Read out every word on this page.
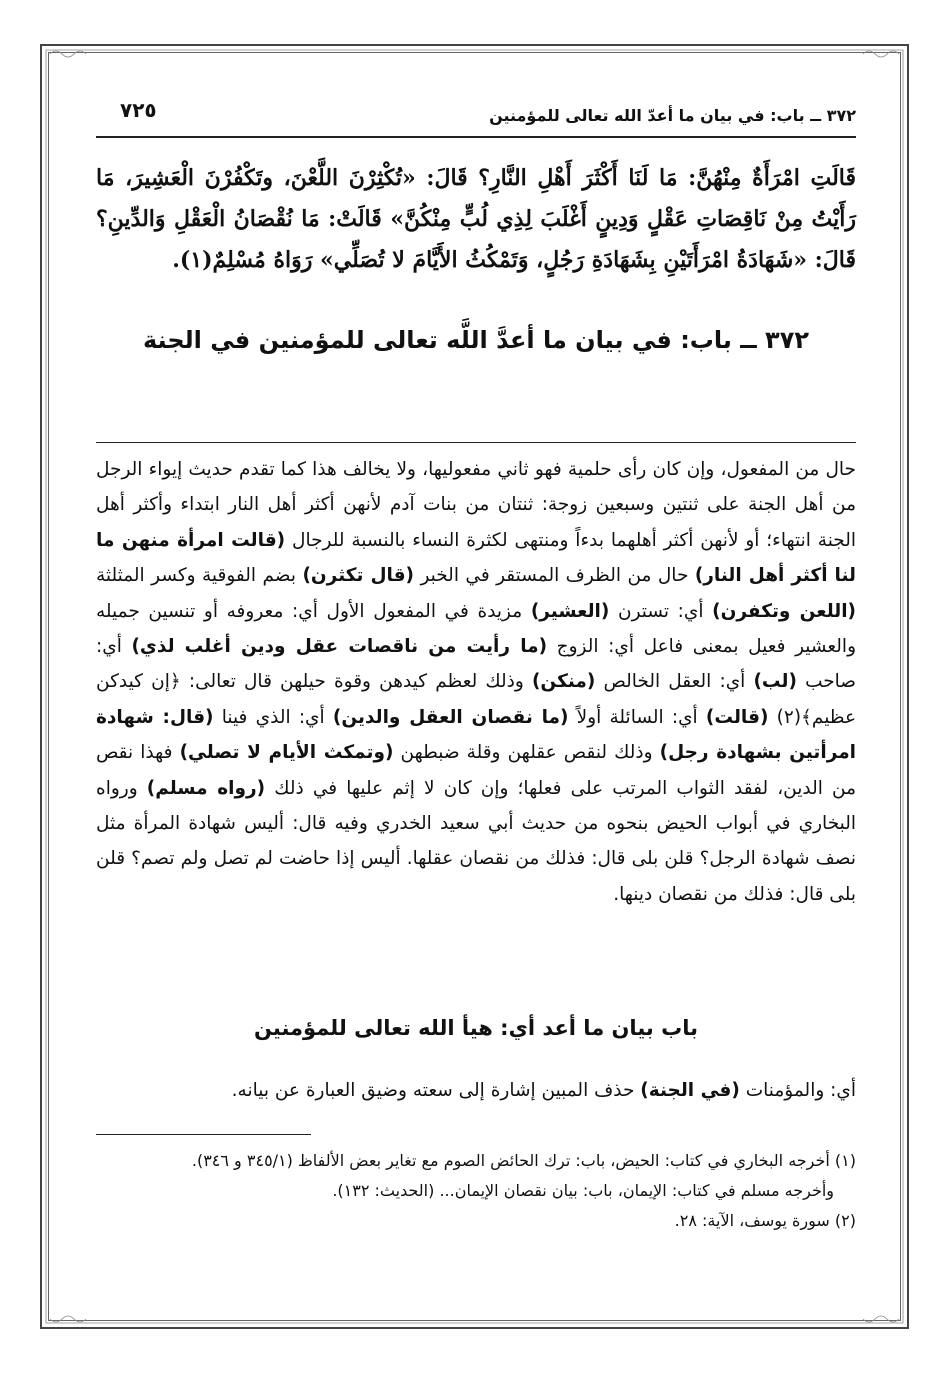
٣٧٢ ــ باب: في بيان ما أعدّ الله تعالى للمؤمنين
٧٢٥
قَالَتِ امْرَأَةٌ مِنْهُنَّ: مَا لَنَا أَكْثَرَ أَهْلِ النَّارِ؟ قَالَ: «تُكْثِرْنَ اللَّعْنَ، وتَكْفُرْنَ الْعَشِيرَ، مَا رَأَيْتُ مِنْ نَاقِصَاتِ عَقْلٍ وَدِينٍ أَغْلَبَ لِذِي لُبٍّ مِنْكُنَّ» قَالَتْ: مَا نُقْصَانُ الْعَقْلِ وَالدِّينِ؟ قَالَ: «شَهَادَةُ امْرَأَتَيْنِ بِشَهَادَةِ رَجُلٍ، وَتَمْكُثُ الأَيَّامَ لا تُصَلِّي» رَوَاهُ مُسْلِمٌ(١).
٣٧٢ ــ باب: في بيان ما أعدَّ اللَّه تعالى للمؤمنين في الجنة
حال من المفعول، وإن كان رأى حلمية فهو ثاني مفعوليها، ولا يخالف هذا كما تقدم حديث إيواء الرجل من أهل الجنة على ثنتين وسبعين زوجة: ثنتان من بنات آدم لأنهن أكثر أهل النار ابتداء وأكثر أهل الجنة انتهاء؛ أو لأنهن أكثر أهلهما بدءاً ومنتهى لكثرة النساء بالنسبة للرجال (قالت امرأة منهن ما لنا أكثر أهل النار) حال من الظرف المستقر في الخبر (قال تكثرن) بضم الفوقية وكسر المثلثة (اللعن وتكفرن) أي: تسترن (العشير) مزيدة في المفعول الأول أي: معروفه أو تنسين جميله والعشير فعيل بمعنى فاعل أي: الزوج (ما رأيت من ناقصات عقل ودين أغلب لذي) أي: صاحب (لب) أي: العقل الخالص (منكن) وذلك لعظم كيدهن وقوة حيلهن قال تعالى: ﴿إن كيدكن عظيم﴾(٢) (قالت) أي: السائلة أولاً (ما نقصان العقل والدين) أي: الذي فينا (قال: شهادة امرأتين بشهادة رجل) وذلك لنقص عقلهن وقلة ضبطهن (وتمكث الأيام لا تصلي) فهذا نقص من الدين، لفقد الثواب المرتب على فعلها؛ وإن كان لا إثم عليها في ذلك (رواه مسلم) ورواه البخاري في أبواب الحيض بنحوه من حديث أبي سعيد الخدري وفيه قال: أليس شهادة المرأة مثل نصف شهادة الرجل؟ قلن بلى قال: فذلك من نقصان عقلها. أليس إذا حاضت لم تصل ولم تصم؟ قلن بلى قال: فذلك من نقصان دينها.
باب بيان ما أعد أي: هيأ الله تعالى للمؤمنين
أي: والمؤمنات (في الجنة) حذف المبين إشارة إلى سعته وضيق العبارة عن بيانه.
(١) أخرجه البخاري في كتاب: الحيض، باب: ترك الحائض الصوم مع تغاير بعض الألفاظ (٣٤٥/١ و ٣٤٦).
وأخرجه مسلم في كتاب: الإيمان، باب: بيان نقصان الإيمان... (الحديث: ١٣٢).
(٢) سورة يوسف، الآية: ٢٨.
